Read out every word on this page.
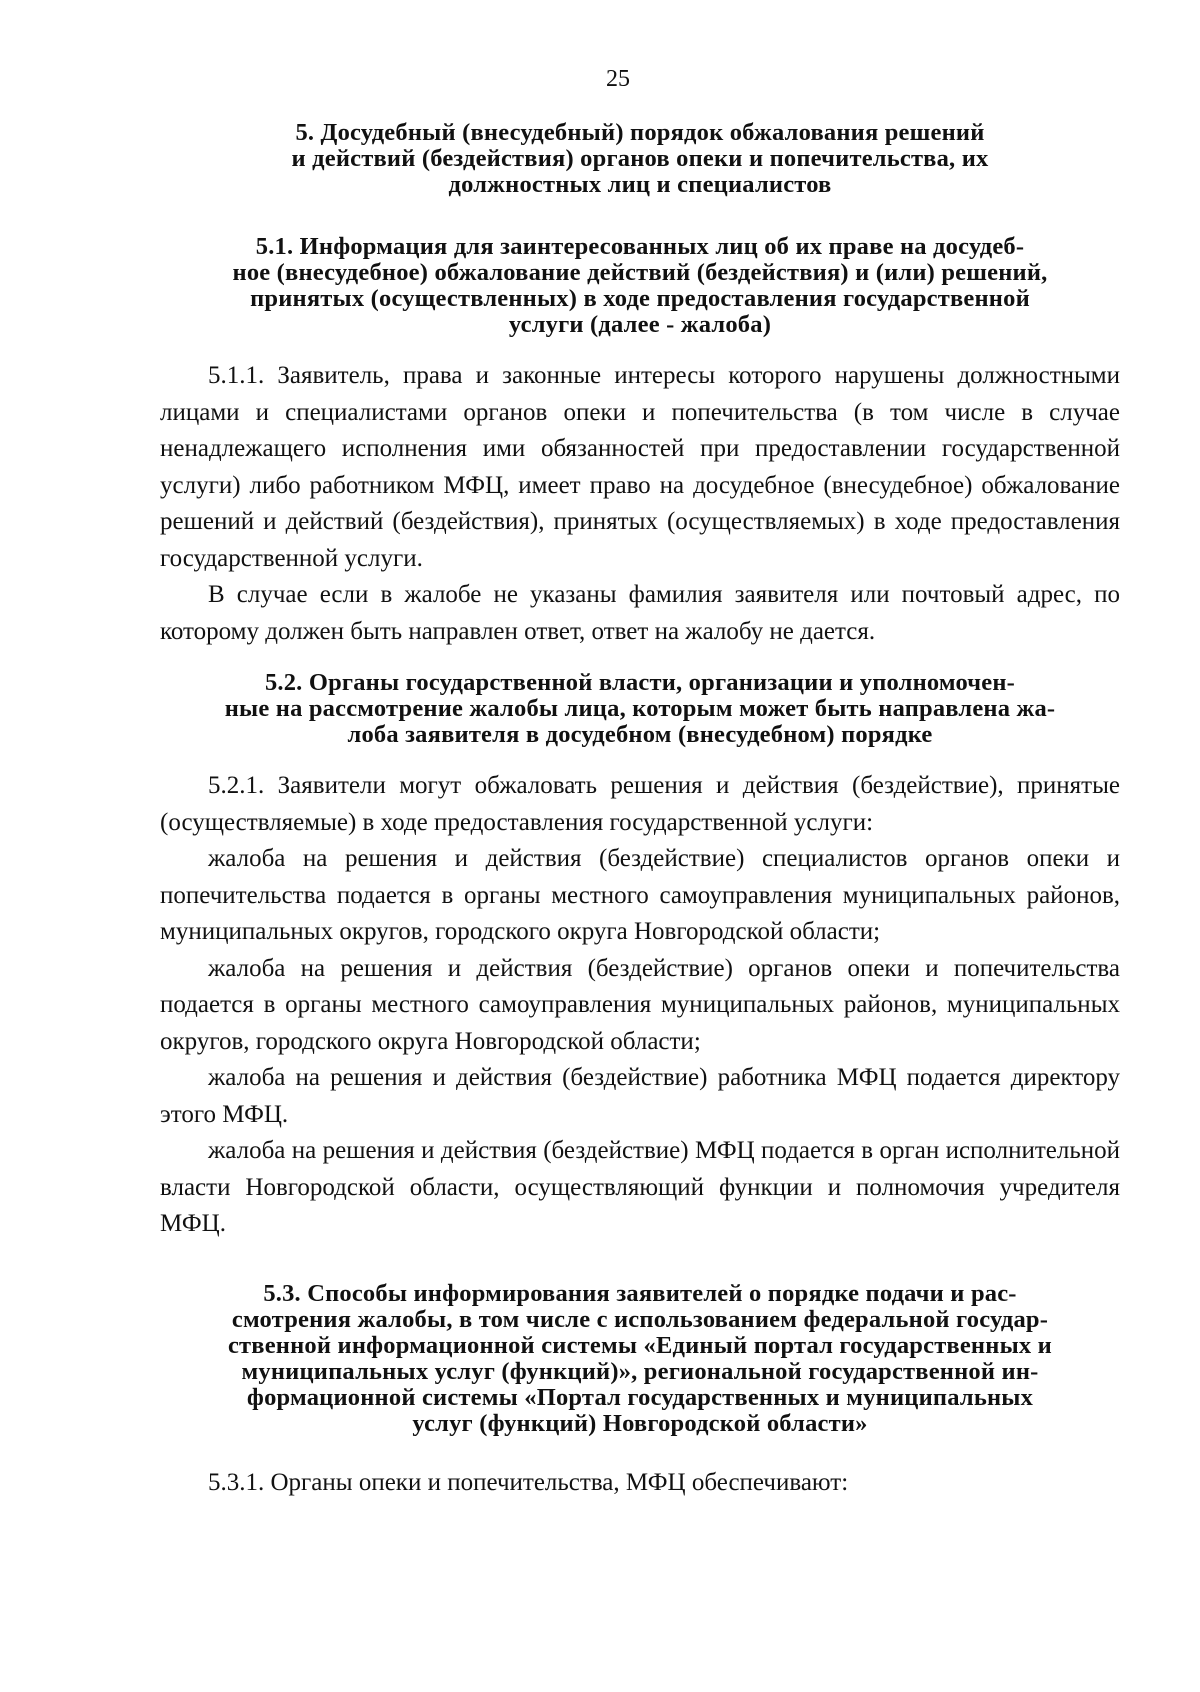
25
5. Досудебный (внесудебный) порядок обжалования решений
и действий (бездействия) органов опеки и попечительства, их
должностных лиц и специалистов
5.1. Информация для заинтересованных лиц об их праве на досудеб-
ное (внесудебное) обжалование действий (бездействия) и (или) решений,
принятых (осуществленных) в ходе предоставления государственной
услуги (далее - жалоба)

5.1.1. Заявитель, права и законные интересы которого нарушены должностными лицами и специалистами органов опеки и попечительства (в том числе в случае ненадлежащего исполнения ими обязанностей при предоставлении государственной услуги) либо работником МФЦ, имеет право на досудебное (внесудебное) обжалование решений и действий (бездействия), принятых (осуществляемых) в ходе предоставления государственной услуги.

В случае если в жалобе не указаны фамилия заявителя или почтовый адрес, по которому должен быть направлен ответ, ответ на жалобу не дается.

5.2. Органы государственной власти, организации и уполномочен-
ные на рассмотрение жалобы лица, которым может быть направлена жа-
лоба заявителя в досудебном (внесудебном) порядке

5.2.1. Заявители могут обжаловать решения и действия (бездействие), принятые (осуществляемые) в ходе предоставления государственной услуги:

жалоба на решения и действия (бездействие) специалистов органов опеки и попечительства подается в органы местного самоуправления муниципальных районов, муниципальных округов, городского округа Новгородской области;

жалоба на решения и действия (бездействие) органов опеки и попечительства подается в органы местного самоуправления муниципальных районов, муниципальных округов, городского округа Новгородской области;

жалоба на решения и действия (бездействие) работника МФЦ подается директору этого МФЦ.

жалоба на решения и действия (бездействие) МФЦ подается в орган исполнительной власти Новгородской области, осуществляющий функции и полномочия учредителя МФЦ.

5.3. Способы информирования заявителей о порядке подачи и рас-
смотрения жалобы, в том числе с использованием федеральной государ-
ственной информационной системы «Единый портал государственных и
муниципальных услуг (функций)», региональной государственной ин-
формационной системы «Портал государственных и муниципальных
услуг (функций) Новгородской области»

5.3.1. Органы опеки и попечительства, МФЦ обеспечивают:
